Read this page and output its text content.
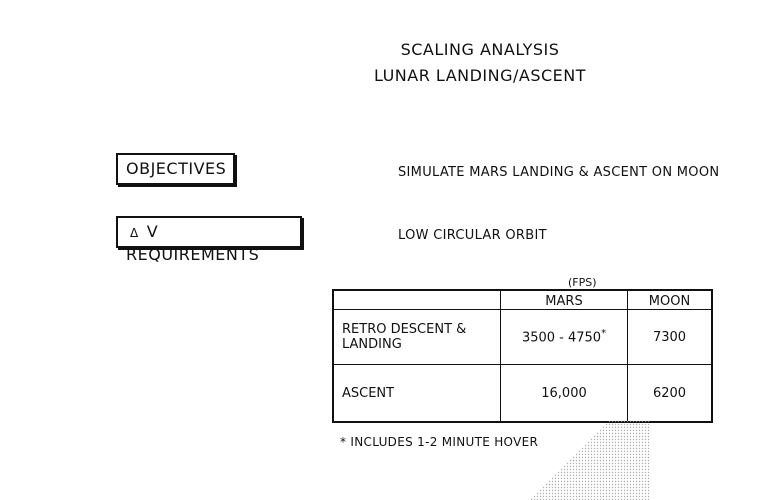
SCALING ANALYSIS
LUNAR LANDING/ASCENT
OBJECTIVES	SIMULATE MARS LANDING & ASCENT ON MOON
Δ V REQUIREMENTS
LOW CIRCULAR ORBIT
(FPS)
	MARS	MOON

RETRO DESCENT &
LANDING	3500 - 4750*	7300

ASCENT	16,000	6200
* INCLUDES 1-2 MINUTE HOVER
